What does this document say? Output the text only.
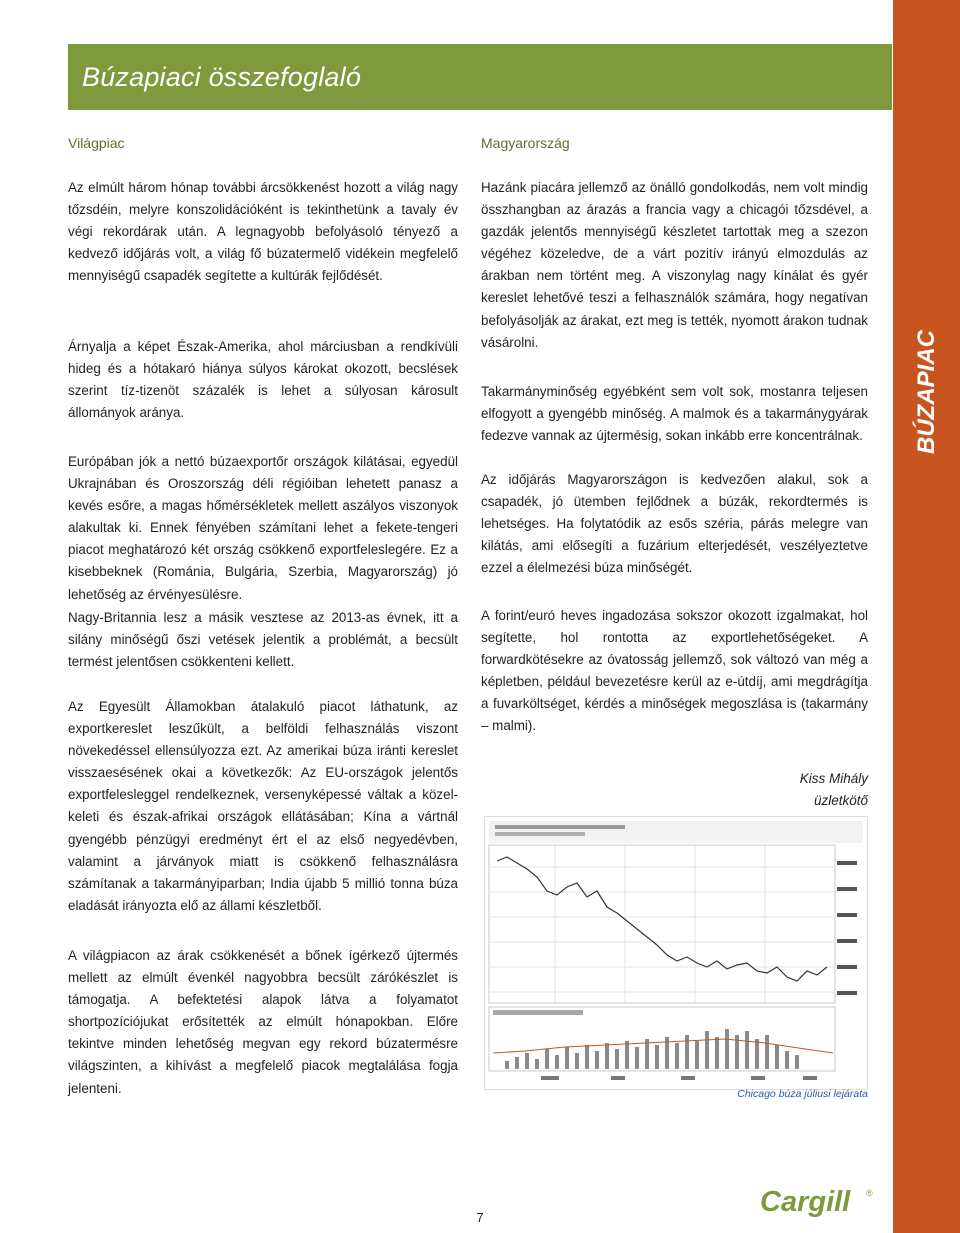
Búzapiaci összefoglaló
BÚZAPIAC
Világpiac

Az elmúlt három hónap további árcsökkenést hozott a világ nagy tőzsdéin, melyre konszolidációként is tekinthetünk a tavaly év végi rekordárak után. A legnagyobb befolyásoló tényező a kedvező időjárás volt, a világ fő búzatermelő vidékein megfelelő mennyiségű csapadék segítette a kultúrák fejlődését.

Árnyalja a képet Észak-Amerika, ahol márciusban a rendkívüli hideg és a hótakaró hiánya súlyos károkat okozott, becslések szerint tíz-tizenöt százalék is lehet a súlyosan károsult állományok aránya.

Európában jók a nettó búzaexportőr országok kilátásai, egyedül Ukrajnában és Oroszország déli régióiban lehetett panasz a kevés esőre, a magas hőmérsékletek mellett aszályos viszonyok alakultak ki. Ennek fényében számítani lehet a fekete-tengeri piacot meghatározó két ország csökkenő exportfeleslegére. Ez a kisebbeknek (Románia, Bulgária, Szerbia, Magyarország) jó lehetőség az érvényesülésre.

Nagy-Britannia lesz a másik vesztese az 2013-as évnek, itt a silány minőségű őszi vetések jelentik a problémát, a becsült termést jelentősen csökkenteni kellett.

Az Egyesült Államokban átalakuló piacot láthatunk, az exportkereslet leszűkült, a belföldi felhasználás viszont növekedéssel ellensúlyozza ezt. Az amerikai búza iránti kereslet visszaesésének okai a következők: Az EU-országok jelentős exportfelesleggel rendelkeznek, versenyképessé váltak a közel-keleti és észak-afrikai országok ellátásában; Kína a vártnál gyengébb pénzügyi eredményt ért el az első negyedévben, valamint a járványok miatt is csökkenő felhasználásra számítanak a takarmányiparban; India újabb 5 millió tonna búza eladását irányozta elő az állami készletből.

A világpiacon az árak csökkenését a bőnek ígérkező újtermés mellett az elmúlt évenkél nagyobbra becsült zárókészlet is támogatja. A befektetési alapok látva a folyamatot shortpozíciójukat erősítették az elmúlt hónapokban. Előre tekintve minden lehetőség megvan egy rekord búzatermésre világszinten, a kihívást a megfelelő piacok megtalálása fogja jelenteni.

Magyarország

Hazánk piacára jellemző az önálló gondolkodás, nem volt mindig összhangban az árazás a francia vagy a chicagói tőzsdével, a gazdák jelentős mennyiségű készletet tartottak meg a szezon végéhez közeledve, de a várt pozitív irányú elmozdulás az árakban nem történt meg. A viszonylag nagy kínálat és gyér kereslet lehetővé teszi a felhasználók számára, hogy negatívan befolyásolják az árakat, ezt meg is tették, nyomott árakon tudnak vásárolni.

Takarmányminőség egyébként sem volt sok, mostanra teljesen elfogyott a gyengébb minőség. A malmok és a takarmánygyárak fedezve vannak az újtermésig, sokan inkább erre koncentrálnak.

Az időjárás Magyarországon is kedvezően alakul, sok a csapadék, jó ütemben fejlődnek a búzák, rekordtermés is lehetséges. Ha folytatódik az esős széria, párás melegre van kilátás, ami elősegíti a fuzárium elterjedését, veszélyeztetve ezzel a élelmezési búza minőségét.

A forint/euró heves ingadozása sokszor okozott izgalmakat, hol segítette, hol rontotta az exportlehetőségeket. A forwardkötésekre az óvatosság jellemző, sok változó van még a képletben, például bevezetésre kerül az e-útdíj, ami megdrágítja a fuvarköltséget, kérdés a minőségek megoszlása is (takarmány – malmi).

Kiss Mihály
üzletkötő
Chicago búza júliusi lejárata
7	Cargill ®
